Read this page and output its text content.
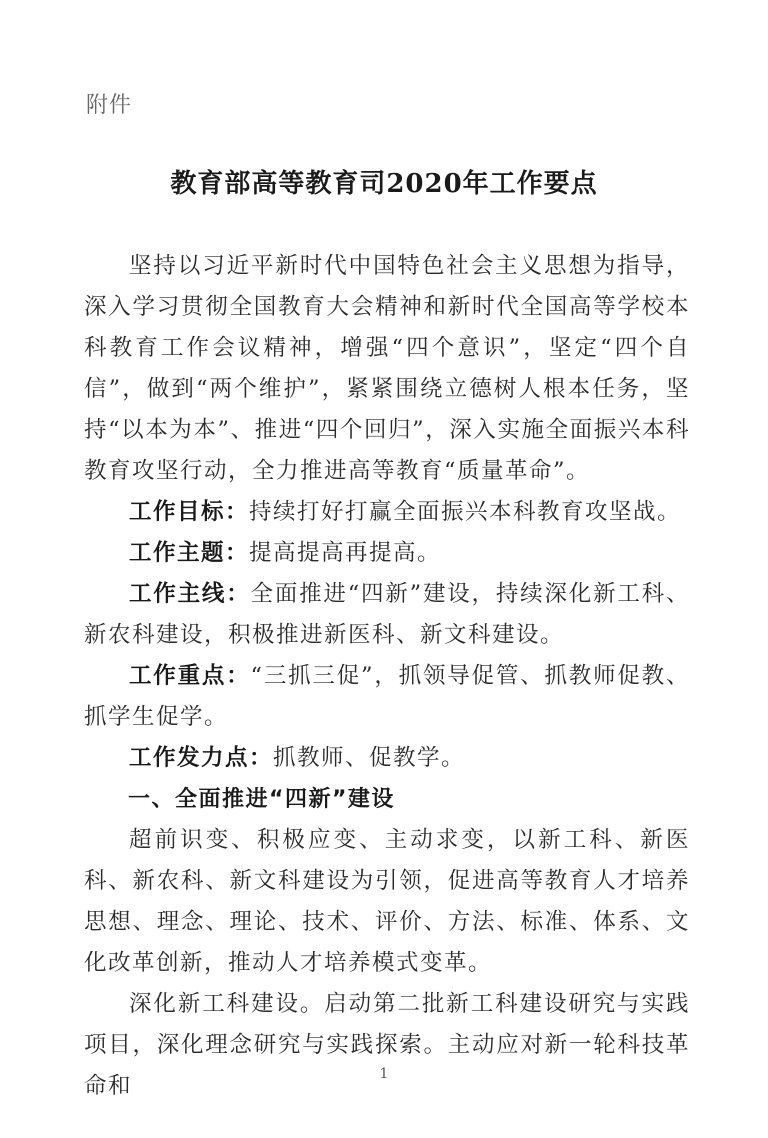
附件
教育部高等教育司2020年工作要点

坚持以习近平新时代中国特色社会主义思想为指导，深入学习贯彻全国教育大会精神和新时代全国高等学校本科教育工作会议精神，增强“四个意识”，坚定“四个自信”，做到“两个维护”，紧紧围绕立德树人根本任务，坚持“以本为本”、推进“四个回归”，深入实施全面振兴本科教育攻坚行动，全力推进高等教育“质量革命”。

工作目标：持续打好打赢全面振兴本科教育攻坚战。

工作主题：提高提高再提高。

工作主线：全面推进“四新”建设，持续深化新工科、新农科建设，积极推进新医科、新文科建设。

工作重点：“三抓三促”，抓领导促管、抓教师促教、抓学生促学。

工作发力点：抓教师、促教学。

一、全面推进“四新”建设

超前识变、积极应变、主动求变，以新工科、新医科、新农科、新文科建设为引领，促进高等教育人才培养思想、理念、理论、技术、评价、方法、标准、体系、文化改革创新，推动人才培养模式变革。

深化新工科建设。启动第二批新工科建设研究与实践项目，深化理念研究与实践探索。主动应对新一轮科技革命和	1
